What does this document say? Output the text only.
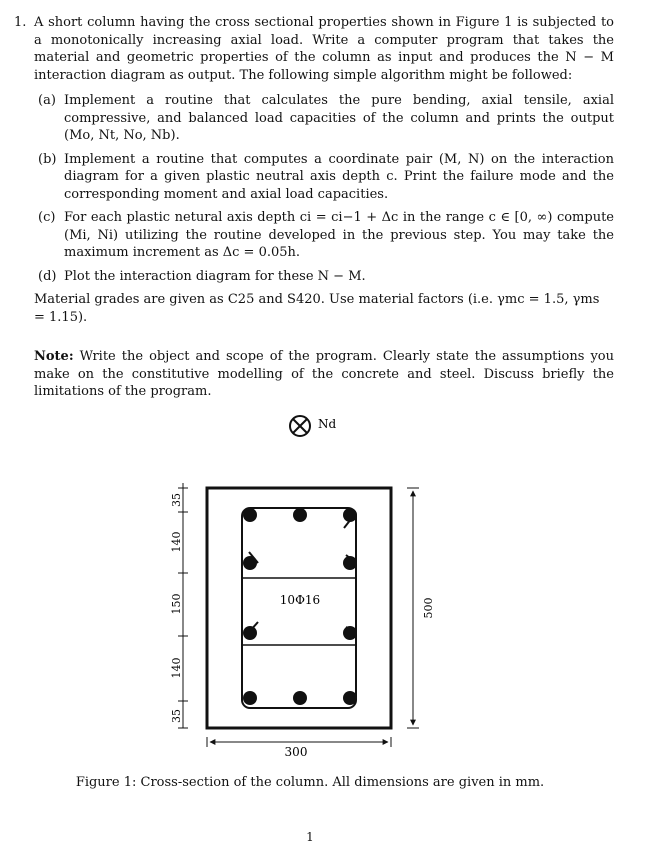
1. A short column having the cross sectional properties shown in Figure 1 is subjected to a monotonically increasing axial load. Write a computer program that takes the material and geometric properties of the column as input and produces the N − M interaction diagram as output. The following simple algorithm might be followed:
(a) Implement a routine that calculates the pure bending, axial tensile, axial compressive, and balanced load capacities of the column and prints the output (Mo, Nt, No, Nb).
(b) Implement a routine that computes a coordinate pair (M, N) on the interaction diagram for a given plastic neutral axis depth c. Print the failure mode and the corresponding moment and axial load capacities.
(c) For each plastic netural axis depth ci = ci−1 + Δc in the range c ∈ [0, ∞) compute (Mi, Ni) utilizing the routine developed in the previous step. You may take the maximum increment as Δc = 0.05h.
(d) Plot the interaction diagram for these N − M.
Material grades are given as C25 and S420. Use material factors (i.e. γmc = 1.5, γms = 1.15).
Note: Write the object and scope of the program. Clearly state the assumptions you make on the constitutive modelling of the concrete and steel. Discuss briefly the limitations of the program.
Nd
10Φ16
35
140
150
140
35
500
300
Figure 1: Cross-section of the column. All dimensions are given in mm.
1
